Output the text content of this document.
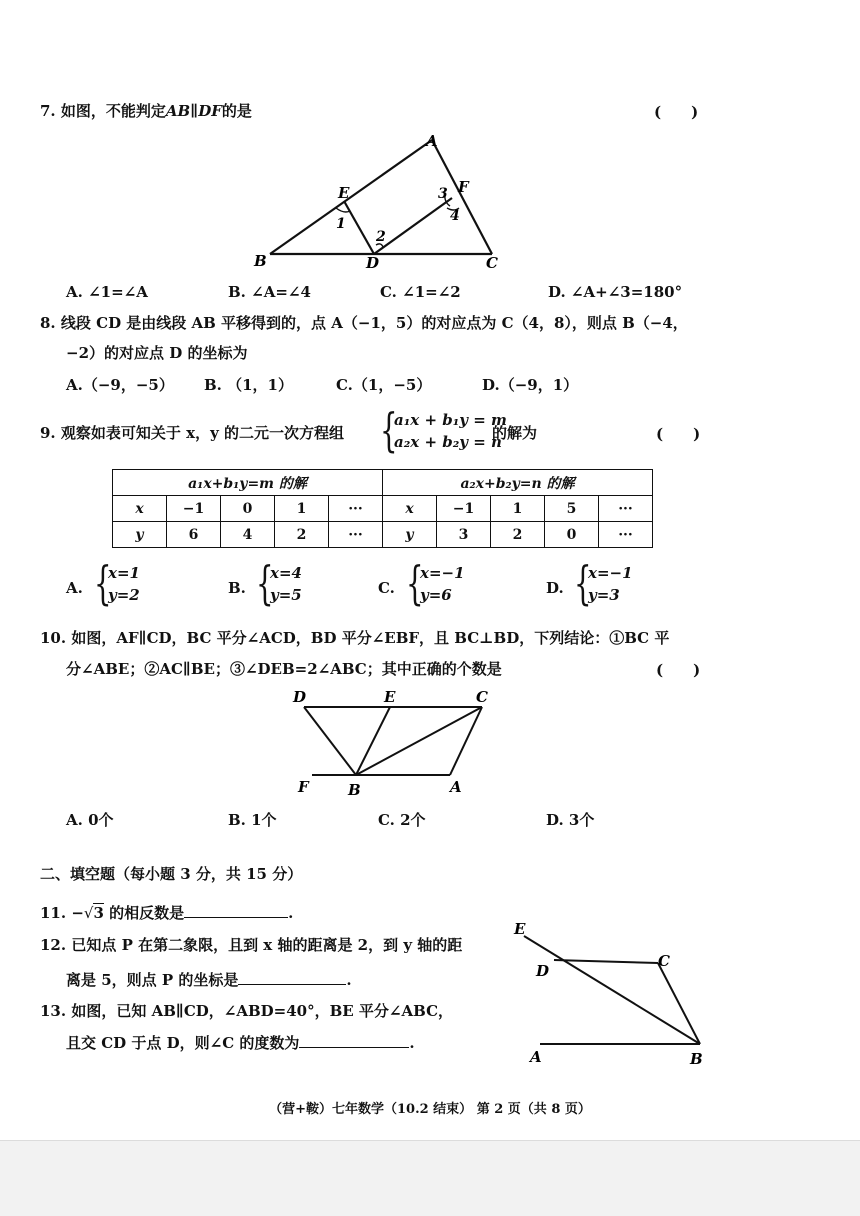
7. 如图，不能判定AB∥DF的是	(　　)
A
B	C
D
E	F
1
2
3
4
A. ∠1=∠A	B. ∠A=∠4	C. ∠1=∠2	D. ∠A+∠3=180°
8. 线段 CD 是由线段 AB 平移得到的，点 A（−1，5）的对应点为 C（4，8），则点 B（−4，
−2）的对应点 D 的坐标为
A.（−9，−5） B. （1，1）	C.（1，−5）	D.（−9，1）
9. 观察如表可知关于 x，y 的二元一次方程组 {
a₁x + b₁y = m
a₂x + b₂y = n
的解为	(　　)
a₁x+b₁y=m 的解					a₂x+b₂y=n 的解				
x	−1	0	1	···	x	−1	1	5	···
y	6	4	2	···	y	3	2	0	···
A. {
x=1
y=2	B. {
x=4
y=5	C. {
x=−1
y=6	D. {
x=−1
y=3
10. 如图，AF∥CD，BC 平分∠ACD，BD 平分∠EBF，且 BC⊥BD，下列结论：①BC 平
分∠ABE；②AC∥BE；③∠DEB=2∠ABC；其中正确的个数是	(　　)
D	E	C
F	B	A
A. 0个	B. 1个	C. 2个	D. 3个
二、填空题（每小题 3 分，共 15 分）
11. −√3 的相反数是	.
12. 已知点 P 在第二象限，且到 x 轴的距离是 2，到 y 轴的距
离是 5，则点 P 的坐标是	.
13. 如图，已知 AB∥CD，∠ABD=40°，BE 平分∠ABC，
且交 CD 于点 D，则∠C 的度数为	.
E
D
C
A	B
（营+鞍）七年数学（10.2 结束） 第 2 页（共 8 页）
